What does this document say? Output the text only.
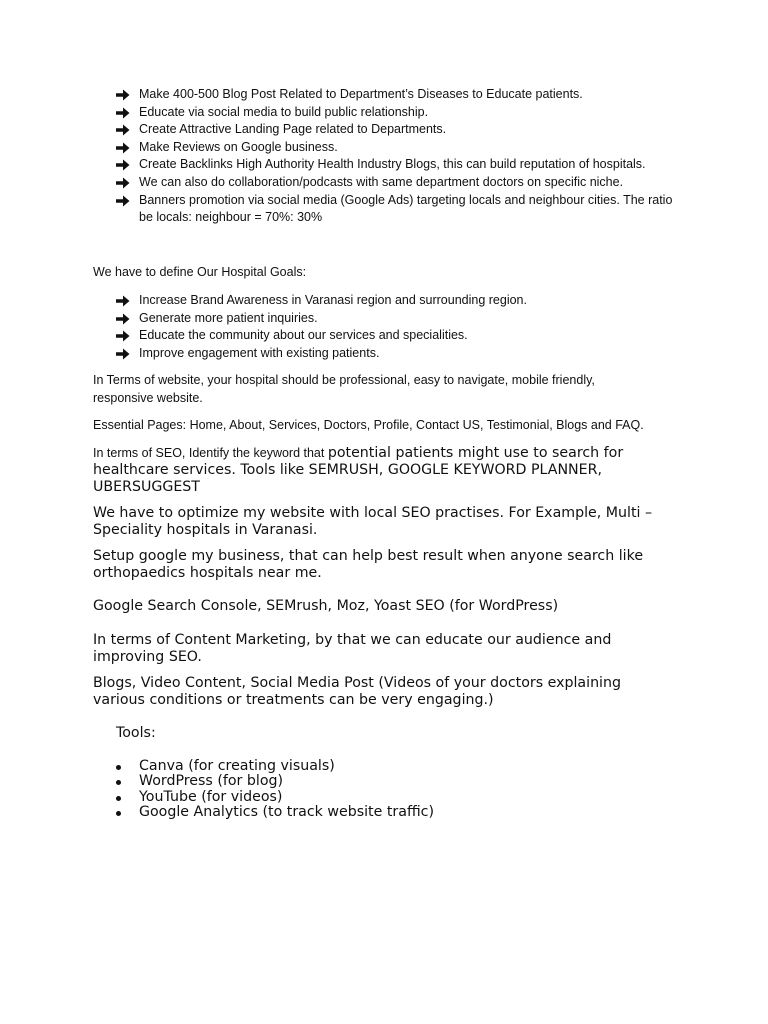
Make 400-500 Blog Post Related to Department’s Diseases to Educate patients.
Educate via social media to build public relationship.
Create Attractive Landing Page related to Departments.
Make Reviews on Google business.
Create Backlinks High Authority Health Industry Blogs, this can build reputation of hospitals.
We can also do collaboration/podcasts with same department doctors on specific niche.
Banners promotion via social media (Google Ads) targeting locals and neighbour cities. The ratio be locals: neighbour = 70%: 30%

We have to define Our Hospital Goals:

Increase Brand Awareness in Varanasi region and surrounding region.
Generate more patient inquiries.
Educate the community about our services and specialities.
Improve engagement with existing patients.

In Terms of website, your hospital should be professional, easy to navigate, mobile friendly, responsive website.

Essential Pages: Home, About, Services, Doctors, Profile, Contact US, Testimonial, Blogs and FAQ.

In terms of SEO, Identify the keyword that potential patients might use to search for healthcare services. Tools like SEMRUSH, GOOGLE KEYWORD PLANNER, UBERSUGGEST

We have to optimize my website with local SEO practises. For Example, Multi – Speciality hospitals in Varanasi.

Setup google my business, that can help best result when anyone search like orthopaedics hospitals near me.

Google Search Console, SEMrush, Moz, Yoast SEO (for WordPress)

In terms of Content Marketing, by that we can educate our audience and improving SEO.

Blogs, Video Content, Social Media Post (Videos of your doctors explaining various conditions or treatments can be very engaging.)

Tools:

Canva (for creating visuals)
WordPress (for blog)
YouTube (for videos)
Google Analytics (to track website traffic)
